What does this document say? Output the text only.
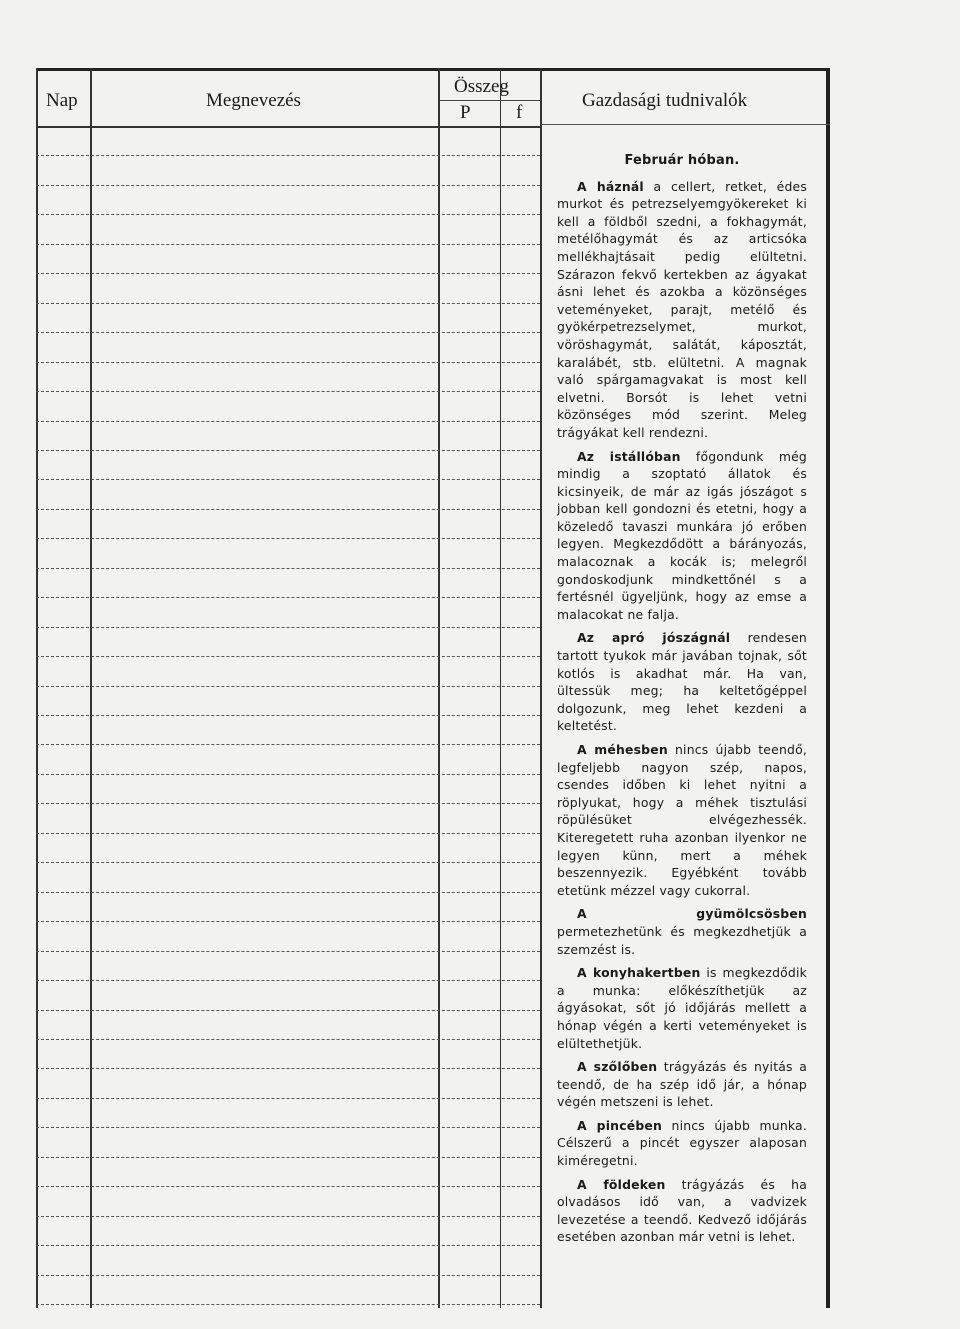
Nap	Megnevezés
Összeg
P f
Gazdasági tudnivalók
Február hóban.

A háznál a cellert, retket, édes murkot és petrezselyemgyökereket ki kell a földből szedni, a fokhagymát, metélőhagymát és az articsóka mellékhajtásait pedig elültetni. Szárazon fekvő kertekben az ágyakat ásni lehet és azokba a közönséges veteményeket, parajt, metélő és gyökérpetrezselymet, murkot, vöröshagymát, salátát, káposztát, karalábét, stb. elültetni. A magnak való spárgamagvakat is most kell elvetni. Borsót is lehet vetni közönséges mód szerint. Meleg trágyákat kell rendezni.

Az istállóban főgondunk még mindig a szoptató állatok és kicsinyeik, de már az igás jószágot s jobban kell gondozni és etetni, hogy a közeledő tavaszi munkára jó erőben legyen. Megkezdődött a bárányozás, malacoznak a kocák is; melegről gondoskodjunk mindkettőnél s a fertésnél ügyeljünk, hogy az emse a malacokat ne falja.

Az apró jószágnál rendesen tartott tyukok már javában tojnak, sőt kotlós is akadhat már. Ha van, ültessük meg; ha keltetőgéppel dolgozunk, meg lehet kezdeni a keltetést.

A méhesben nincs újabb teendő, legfeljebb nagyon szép, napos, csendes időben ki lehet nyitni a röplyukat, hogy a méhek tisztulási röpülésüket elvégezhessék. Kiteregetett ruha azonban ilyenkor ne legyen künn, mert a méhek beszennyezik. Egyébként tovább etetünk mézzel vagy cukorral.

A gyümölcsösben permetezhetünk és megkezdhetjük a szemzést is.

A konyhakertben is megkezdődik a munka: előkészíthetjük az ágyásokat, sőt jó időjárás mellett a hónap végén a kerti veteményeket is elültethetjük.

A szőlőben trágyázás és nyitás a teendő, de ha szép idő jár, a hónap végén metszeni is lehet.

A pincében nincs újabb munka. Célszerű a pincét egyszer alaposan kiméregetni.

A földeken trágyázás és ha olvadásos idő van, a vadvizek levezetése a teendő. Kedvező időjárás esetében azonban már vetni is lehet.
